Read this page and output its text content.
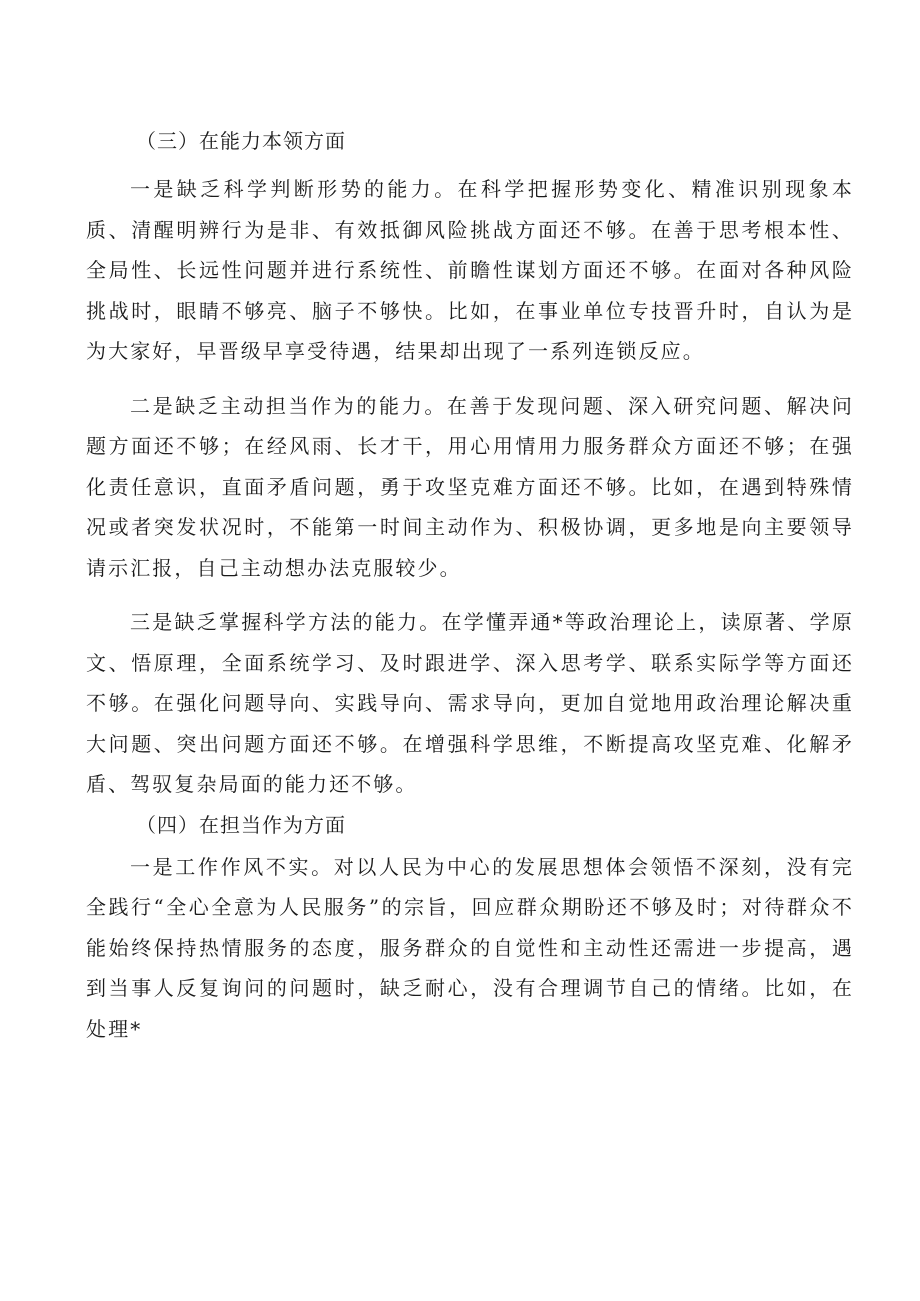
（三）在能力本领方面

一是缺乏科学判断形势的能力。在科学把握形势变化、精准识别现象本质、清醒明辨行为是非、有效抵御风险挑战方面还不够。在善于思考根本性、全局性、长远性问题并进行系统性、前瞻性谋划方面还不够。在面对各种风险挑战时，眼睛不够亮、脑子不够快。比如，在事业单位专技晋升时，自认为是为大家好，早晋级早享受待遇，结果却出现了一系列连锁反应。

二是缺乏主动担当作为的能力。在善于发现问题、深入研究问题、解决问题方面还不够；在经风雨、长才干，用心用情用力服务群众方面还不够；在强化责任意识，直面矛盾问题，勇于攻坚克难方面还不够。比如，在遇到特殊情况或者突发状况时，不能第一时间主动作为、积极协调，更多地是向主要领导请示汇报，自己主动想办法克服较少。

三是缺乏掌握科学方法的能力。在学懂弄通*等政治理论上，读原著、学原文、悟原理，全面系统学习、及时跟进学、深入思考学、联系实际学等方面还不够。在强化问题导向、实践导向、需求导向，更加自觉地用政治理论解决重大问题、突出问题方面还不够。在增强科学思维，不断提高攻坚克难、化解矛盾、驾驭复杂局面的能力还不够。

（四）在担当作为方面

一是工作作风不实。对以人民为中心的发展思想体会领悟不深刻，没有完全践行“全心全意为人民服务”的宗旨，回应群众期盼还不够及时；对待群众不能始终保持热情服务的态度，服务群众的自觉性和主动性还需进一步提高，遇到当事人反复询问的问题时，缺乏耐心，没有合理调节自己的情绪。比如，在处理*
